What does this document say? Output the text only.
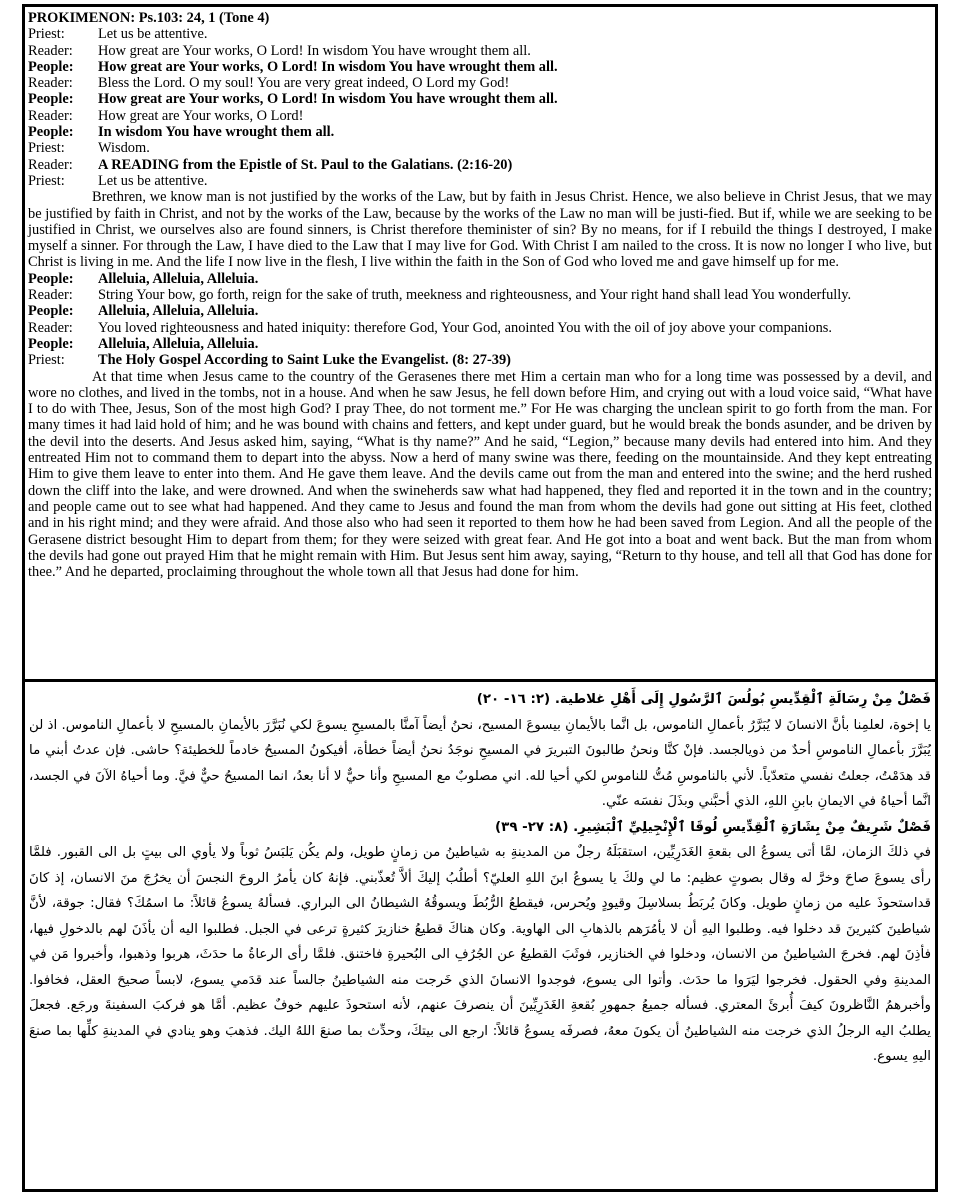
PROKIMENON: Ps.103: 24, 1 (Tone 4)
Priest:	Let us be attentive.
Reader:	How great are Your works, O Lord! In wisdom You have wrought them all.
People:	How great are Your works, O Lord! In wisdom You have wrought them all.
Reader:	Bless the Lord. O my soul! You are very great indeed, O Lord my God!
People:	How great are Your works, O Lord! In wisdom You have wrought them all.
Reader:	How great are Your works, O Lord!
People:	In wisdom You have wrought them all.
Priest:	Wisdom.
Reader:	A READING from the Epistle of St. Paul to the Galatians. (2:16-20)
Priest:	Let us be attentive.
Brethren, we know man is not justified by the works of the Law, but by faith in Jesus Christ. Hence, we also believe in Christ Jesus, that we may be justified by faith in Christ, and not by the works of the Law, because by the works of the Law no man will be justi-fied. But if, while we are seeking to be justified in Christ, we ourselves also are found sinners, is Christ therefore theminister of sin? By no means, for if I rebuild the things I destroyed, I make myself a sinner. For through the Law, I have died to the Law that I may live for God. With Christ I am nailed to the cross. It is now no longer I who live, but Christ is living in me. And the life I now live in the flesh, I live within the faith in the Son of God who loved me and gave himself up for me.
People:	Alleluia, Alleluia, Alleluia.
Reader:	String Your bow, go forth, reign for the sake of truth, meekness and righteousness, and Your right hand shall lead You wonderfully.
People:	Alleluia, Alleluia, Alleluia.
Reader:	You loved righteousness and hated iniquity: therefore God, Your God, anointed You with the oil of joy above your companions.
People:	Alleluia, Alleluia, Alleluia.
Priest:	The Holy Gospel According to Saint Luke the Evangelist. (8: 27-39)
At that time when Jesus came to the country of the Gerasenes there met Him a certain man who for a long time was possessed by a devil, and wore no clothes, and lived in the tombs, not in a house. And when he saw Jesus, he fell down before Him, and crying out with a loud voice said, “What have I to do with Thee, Jesus, Son of the most high God? I pray Thee, do not torment me.” For He was charging the unclean spirit to go forth from the man. For many times it had laid hold of him; and he was bound with chains and fetters, and kept under guard, but he would break the bonds asunder, and be driven by the devil into the deserts. And Jesus asked him, saying, “What is thy name?” And he said, “Legion,” because many devils had entered into him. And they entreated Him not to command them to depart into the abyss. Now a herd of many swine was there, feeding on the mountainside. And they kept entreating Him to give them leave to enter into them. And He gave them leave. And the devils came out from the man and entered into the swine; and the herd rushed down the cliff into the lake, and were drowned. And when the swineherds saw what had happened, they fled and reported it in the town and in the country; and people came out to see what had happened. And they came to Jesus and found the man from whom the devils had gone out sitting at His feet, clothed and in his right mind; and they were afraid. And those also who had seen it reported to them how he had been saved from Legion. And all the people of the Gerasene district besought Him to depart from them; for they were seized with great fear. And He got into a boat and went back. But the man from whom the devils had gone out prayed Him that he might remain with Him. But Jesus sent him away, saying, “Return to thy house, and tell all that God has done for thee.” And he departed, proclaiming throughout the whole town all that Jesus had done for him.

فَصْلٌ مِنْ رِسَالَةِ ٱلْقِدِّيسِ بُولُسَ ٱلرَّسُولِ إِلَى أَهْلِ غلاطية. (٢: ١٦- ٢٠)

يا إخوة، لعلمِنا بأنَّ الانسانَ لا يُبَرَّرُ بأعمالِ الناموس، بل انَّما بالأيمانِ بيسوعَ المسيح، نحنُ أيضاً آمنَّا بالمسيحِ يسوعَ لكي نُبَرَّرَ بالأيمانِ بالمسيحِ لا بأعمالِ الناموس. اذ لن يُبَرَّرَ بأعمالِ الناموسِ أحدٌ من ذويالجسد. فإنْ كنَّا ونحنُ طالبونَ التبريرَ في المسيحِ نوجَدُ نحنُ أيضاً خطأة، أفيكونُ المسيحُ خادماً للخطيئة؟ حاشى. فإن عدتُ أبني ما قد هدَمْتُ، جعلتُ نفسي متعدّياً. لأني بالناموسِ مُتُّ للناموسِ لكي أحيا لله. اني مصلوبٌ مع المسيحِ وأنا حيٌّ لا أنا بعدُ، انما المسيحُ حيٌّ فيَّ. وما أحياهُ الآنَ في الجسد، انَّما أحياهُ في الايمانِ بابنِ اللهِ، الذي أحبَّني وبذَلَ نفسَه عنّي.

فَصْلٌ شَرِيفٌ مِنْ بِشَارَةِ ٱلْقِدِّيسِ لُوقَا ٱلْإِنْجِيلِيِّ ٱلْبَشِيرِ. (٨: ٢٧- ٣٩)

في ذلكَ الزمان، لمَّا أتى يسوعُ الى بقعةِ الغَدَرِيِّين، استقبَلَهُ رجلٌ من المدينةِ به شياطينُ من زمانٍ طويل، ولم يكُن يَلبَسُ ثوباً ولا يأوي الى بيتٍ بل الى القبور. فلمَّا رأى يسوعَ صاحَ وخرَّ له وقال بصوتٍ عظيم: ما لي ولكَ يا يسوعُ ابنَ اللهِ العليّ؟ أطلُبُ إليكَ ألاَّ تُعذّبني. فإنهُ كان يأمرُ الروحَ النجسَ أن يخرُجَ منَ الانسان، إذ كانَ قداستحوذَ عليه من زمانٍ طويل. وكانَ يُربَطُ بسلاسِلَ وقيودٍ ويُحرس، فيقطعُ الرُّبُطَ ويسوقُهُ الشيطانُ الى البراري. فسألهُ يسوعُ قائلاً: ما اسمُكَ؟ فقال: جوقة، لأنَّ شياطينَ كثيرينَ قد دخلوا فيه. وطلبوا اليهِ أن لا يأمُرَهم بالذهابِ الى الهاوية. وكان هناكَ قطيعُ خنازيرَ كثيرةٍ ترعى في الجبل. فطلبوا اليه أن يأذَنَ لهم بالدخولِ فيها، فأذِنَ لهم. فخرجَ الشياطينُ من الانسان، ودخلوا في الخنازير، فوثَبَ القطيعُ عن الجُرُفِ الى البُحيرةِ فاختنق. فلمَّا رأى الرعاةُ ما حدَثَ، هربوا وذهبوا، وأخبروا مَن في المدينةِ وفي الحقول. فخرجوا ليَرَوا ما حدَث. وأتوا الى يسوع، فوجدوا الانسانَ الذي خَرجت منه الشياطينُ جالساً عند قدَمي يسوع، لابساً صحيحَ العقل، فخافوا. وأخبرهمُ النَّاظرونَ كيفَ أُبرئَ المعتري. فسأله جميعُ جمهورِ بُقعةِ الغَدَرِيِّينَ أن ينصرفَ عنهم، لأنه استحوذَ عليهم خوفٌ عظيم. أمَّا هو فركبَ السفينةَ ورجَع. فجعلَ يطلبُ اليه الرجلُ الذي خرجت منه الشياطينُ أن يكونَ معهُ، فصرفَه يسوعُ قائلاً: ارجع الى بيتكَ، وحدِّث بما صنعَ اللهُ اليك. فذهبَ وهو ينادي في المدينةِ كلِّها بما صنعَ اليهِ يسوع.
